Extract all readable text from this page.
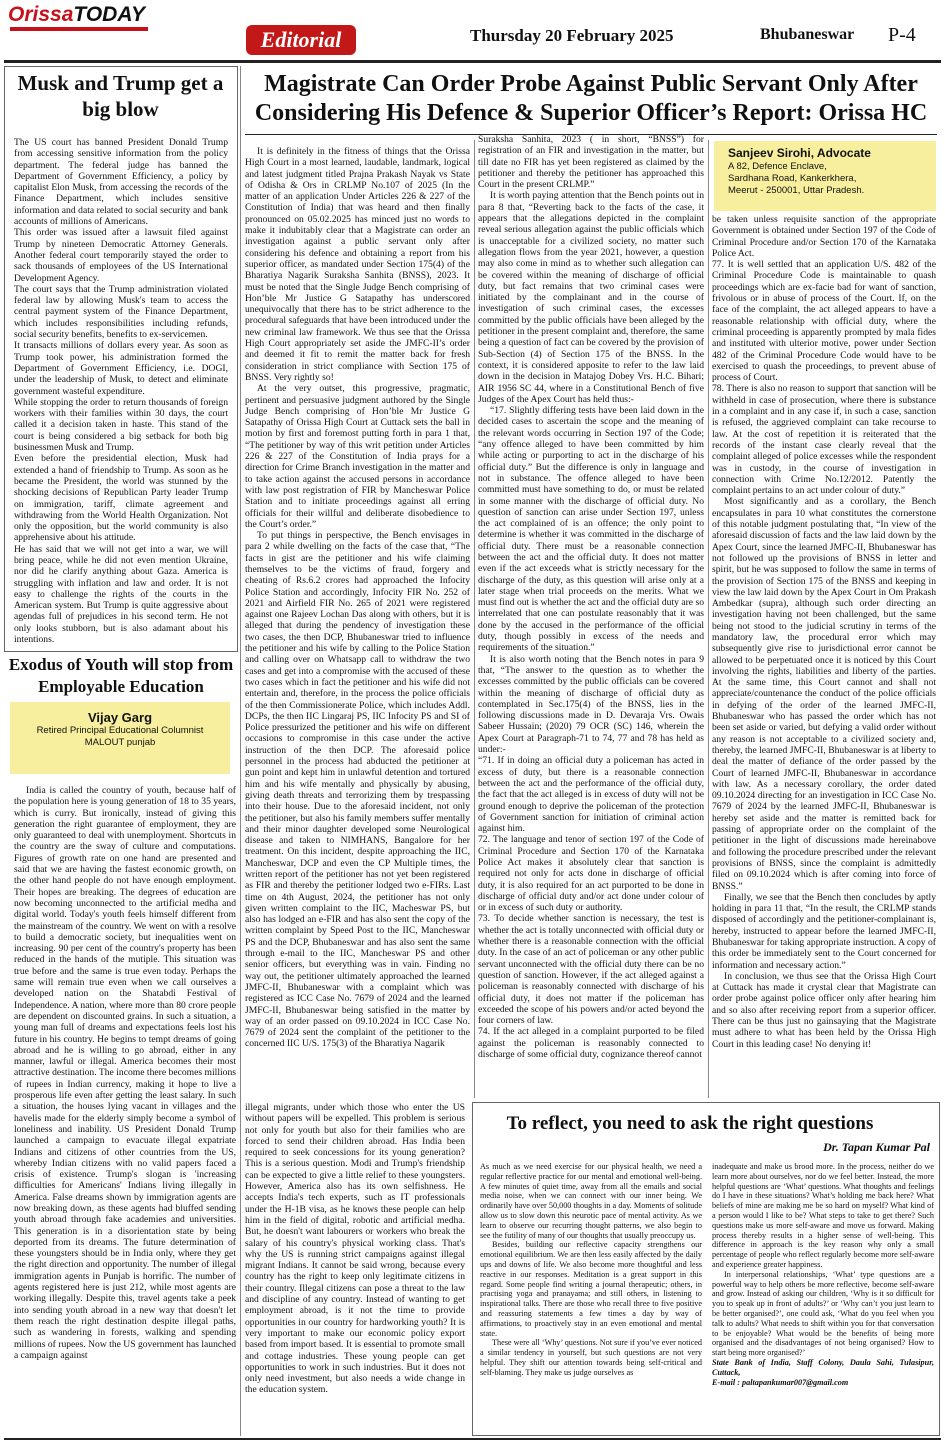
OrissaTODAY
Editorial	Thursday 20 February 2025	Bhubaneswar P-4
Musk and Trump get a big blow

The US court has banned President Donald Trump from accessing sensitive information from the policy department. The federal judge has banned the Department of Government Efficiency, a policy by capitalist Elon Musk, from accessing the records of the Finance Department, which includes sensitive information and data related to social security and bank accounts of millions of Americans.

This order was issued after a lawsuit filed against Trump by nineteen Democratic Attorney Generals. Another federal court temporarily stayed the order to sack thousands of employees of the US International Development Agency.

The court says that the Trump administration violated federal law by allowing Musk's team to access the central payment system of the Finance Department, which includes responsibilities including refunds, social security benefits, benefits to ex-servicemen.

It transacts millions of dollars every year. As soon as Trump took power, his administration formed the Department of Government Efficiency, i.e. DOGI, under the leadership of Musk, to detect and eliminate government wasteful expenditure.

While stopping the order to return thousands of foreign workers with their families within 30 days, the court called it a decision taken in haste. This stand of the court is being considered a big setback for both big businessmen Musk and Trump.

Even before the presidential election, Musk had extended a hand of friendship to Trump. As soon as he became the President, the world was stunned by the shocking decisions of Republican Party leader Trump on immigration, tariff, climate agreement and withdrawing from the World Health Organization. Not only the opposition, but the world community is also apprehensive about his attitude.

He has said that we will not get into a war, we will bring peace, while he did not even mention Ukraine, nor did he clarify anything about Gaza. America is struggling with inflation and law and order. It is not easy to challenge the rights of the courts in the American system. But Trump is quite aggressive about agendas full of prejudices in his second term. He not only looks stubborn, but is also adamant about his intentions.

Exodus of Youth will stop from Employable Education
Vijay Garg
Retired Principal Educational Columnist
MALOUT punjab

India is called the country of youth, because half of the population here is young generation of 18 to 35 years, which is curry. But ironically, instead of giving this generation the right guarantee of employment, they are only guaranteed to deal with unemployment. Shortcuts in the country are the sway of culture and computations. Figures of growth rate on one hand are presented and said that we are having the fastest economic growth, on the other hand people do not have enough employment. Their hopes are breaking. The degrees of education are now becoming unconnected to the artificial medha and digital world. Today's youth feels himself different from the mainstream of the country. We went on with a resolve to build a democratic society, but inequalities went on increasing. 90 per cent of the country's property has been reduced in the hands of the mutiple. This situation was true before and the same is true even today. Perhaps the same will remain true even when we call ourselves a developed nation on the Shatabdi Festival of Independence. A nation, where more than 80 crore people are dependent on discounted grains. In such a situation, a young man full of dreams and expectations feels lost his future in his country. He begins to tempt dreams of going abroad and he is willing to go abroad, either in any manner, lawful or illegal. America becomes their most attractive destination. The income there becomes millions of rupees in Indian currency, making it hope to live a prosperous life even after getting the least salary. In such a situation, the houses lying vacant in villages and the havelis made for the elderly simply become a symbol of loneliness and inability. US President Donald Trump launched a campaign to evacuate illegal expatriate Indians and citizens of other countries from the US, whereby Indian citizens with no valid papers faced a crisis of existence. Trump's slogan is 'increasing difficulties for Americans' Indians living illegally in America. False dreams shown by immigration agents are now breaking down, as these agents had bluffed sending youth abroad through fake academies and universities. This generation is in a disorientation state by being deported from its dreams. The future determination of these youngsters should be in India only, where they get the right direction and opportunity. The number of illegal immigration agents in Punjab is horrific. The number of agents registered here is just 212, while most agents are working illegally. Despite this, travel agents take a peek into sending youth abroad in a new way that doesn't let them reach the right destination despite illegal paths, such as wandering in forests, walking and spending millions of rupees. Now the US government has launched a campaign against

illegal migrants, under which those who enter the US without papers will be expelled. This problem is serious not only for youth but also for their families who are forced to send their children abroad. Has India been required to seek concessions for its young generation? This is a serious question. Modi and Trump's friendship can be expected to give a little relief to these youngsters. However, America also has its own selfishness. He accepts India's tech experts, such as IT professionals under the H-1B visa, as he knows these people can help him in the field of digital, robotic and artificial medha. But, he doesn't want labourers or workers who break the salary of his country's physical working class. That's why the US is running strict campaigns against illegal migrant Indians. It cannot be said wrong, because every country has the right to keep only legitimate citizens in their country. Illegal citizens can pose a threat to the law and discipline of any country. Instead of wanting to get employment abroad, is it not the time to provide opportunities in our country for hardworking youth? It is very important to make our economic policy export based from import based. It is essential to promote small and cottage industries. These young people can get opportunities to work in such industries. But it does not only need investment, but also needs a wide change in the education system.

Magistrate Can Order Probe Against Public Servant Only After
Considering His Defence & Superior Officer’s Report: Orissa HC

It is definitely in the fitness of things that the Orissa High Court in a most learned, laudable, landmark, logical and latest judgment titled Prajna Prakash Nayak vs State of Odisha & Ors in CRLMP No.107 of 2025 (In the matter of an application Under Articles 226 & 227 of the Constitution of India) that was heard and then finally pronounced on 05.02.2025 has minced just no words to make it indubitably clear that a Magistrate can order an investigation against a public servant only after considering his defence and obtaining a report from his superior officer, as mandated under Section 175(4) of the Bharatiya Nagarik Suraksha Sanhita (BNSS), 2023. It must be noted that the Single Judge Bench comprising of Hon’ble Mr Justice G Satapathy has underscored unequivocally that there has to be strict adherence to the procedural safeguards that have been introduced under the new criminal law framework. We thus see that the Orissa High Court appropriately set aside the JMFC-II’s order and deemed it fit to remit the matter back for fresh consideration in strict compliance with Section 175 of BNSS. Very rightly so!

At the very outset, this progressive, pragmatic, pertinent and persuasive judgment authored by the Single Judge Bench comprising of Hon’ble Mr Justice G Satapathy of Orissa High Court at Cuttack sets the ball in motion by first and foremost putting forth in para 1 that, “The petitioner by way of this writ petition under Articles 226 & 227 of the Constitution of India prays for a direction for Crime Branch investigation in the matter and to take action against the accused persons in accordance with law post registration of FIR by Mancheswar Police Station and to initiate proceedings against all erring officials for their willful and deliberate disobedience to the Court’s order.”

To put things in perspective, the Bench envisages in para 2 while dwelling on the facts of the case that, “The facts in gist are the petitioner and his wife claiming themselves to be the victims of fraud, forgery and cheating of Rs.6.2 crores had approached the Infocity Police Station and accordingly, Infocity FIR No. 252 of 2021 and Airfield FIR No. 265 of 2021 were registered against one Rajeev Lochan Das along with others, but it is alleged that during the pendency of investigation these two cases, the then DCP, Bhubaneswar tried to influence the petitioner and his wife by calling to the Police Station and calling over on Whatsapp call to withdraw the two cases and get into a compromise with the accused of these two cases which in fact the petitioner and his wife did not entertain and, therefore, in the process the police officials of the then Commissionerate Police, which includes Addl. DCPs, the then IIC Lingaraj PS, IIC Infocity PS and SI of Police pressurized the petitioner and his wife on different occasions to compromise in this case under the active instruction of the then DCP. The aforesaid police personnel in the process had abducted the petitioner at gun point and kept him in unlawful detention and tortured him and his wife mentally and physically by abusing, giving death threats and terrorizing them by trespassing into their house. Due to the aforesaid incident, not only the petitioner, but also his family members suffer mentally and their minor daughter developed some Neurological disease and taken to NIMHANS, Bangalore for her treatment. On this incident, despite approaching the IIC, Mancheswar, DCP and even the CP Multiple times, the written report of the petitioner has not yet been registered as FIR and thereby the petitioner lodged two e-FIRs. Last time on 4th August, 2024, the petitioner has not only given written complaint to the IIC, Macheswar PS, but also has lodged an e-FIR and has also sent the copy of the written complaint by Speed Post to the IIC, Mancheswar PS and the DCP, Bhubaneswar and has also sent the same through e-mail to the IIC, Mancheswar PS and other senior officers, but everything was in vain. Finding no way out, the petitioner ultimately approached the learned JMFC-II, Bhubaneswar with a complaint which was registered as ICC Case No. 7679 of 2024 and the learned JMFC-II, Bhubaneswar being satisfied in the matter by way of an order passed on 09.10.2024 in ICC Case No. 7679 of 2024 sent the complaint of the petitioner to the concerned IIC U/S. 175(3) of the Bharatiya Nagarik

Suraksha Sanhita, 2023 ( in short, “BNSS”) for registration of an FIR and investigation in the matter, but till date no FIR has yet been registered as claimed by the petitioner and thereby the petitioner has approached this Court in the present CRLMP.”

It is worth paying attention that the Bench points out in para 8 that, “Reverting back to the facts of the case, it appears that the allegations depicted in the complaint reveal serious allegation against the public officials which is unacceptable for a civilized society, no matter such allegation flows from the year 2021, however, a question may also come in mind as to whether such allegation can be covered within the meaning of discharge of official duty, but fact remains that two criminal cases were initiated by the complainant and in the course of investigation of such criminal cases, the excesses committed by the public officials have been alleged by the petitioner in the present complaint and, therefore, the same being a question of fact can be covered by the provision of Sub-Section (4) of Section 175 of the BNSS. In the context, it is considered apposite to refer to the law laid down in the decision in Matajog Dobey Vrs. H.C. Bihari; AIR 1956 SC 44, where in a Constitutional Bench of five Judges of the Apex Court has held thus:-

“17. Slightly differing tests have been laid down in the decided cases to ascertain the scope and the meaning of the relevant words occurring in Section 197 of the Code; “any offence alleged to have been committed by him while acting or purporting to act in the discharge of his official duty.” But the difference is only in language and not in substance. The offence alleged to have been committed must have something to do, or must be related in some manner with the discharge of official duty. No question of sanction can arise under Section 197, unless the act complained of is an offence; the only point to determine is whether it was committed in the discharge of official duty. There must be a reasonable connection between the act and the official duty. It does not matter even if the act exceeds what is strictly necessary for the discharge of the duty, as this question will arise only at a later stage when trial proceeds on the merits. What we must find out is whether the act and the official duty are so interrelated that one can postulate reasonably that it was done by the accused in the performance of the official duty, though possibly in excess of the needs and requirements of the situation.”

It is also worth noting that the Bench notes in para 9 that, “The answer to the question as to whether the excesses committed by the public officials can be covered within the meaning of discharge of official duty as contemplated in Sec.175(4) of the BNSS, lies in the following discussions made in D. Devaraja Vrs. Owais Sabeer Hussain; (2020) 79 OCR (SC) 146, wherein the Apex Court at Paragraph-71 to 74, 77 and 78 has held as under:-

“71. If in doing an official duty a policeman has acted in excess of duty, but there is a reasonable connection between the act and the performance of the official duty, the fact that the act alleged is in excess of duty will not be ground enough to deprive the policeman of the protection of Government sanction for initiation of criminal action against him.

72. The language and tenor of section 197 of the Code of Criminal Procedure and Section 170 of the Karnataka Police Act makes it absolutely clear that sanction is required not only for acts done in discharge of official duty, it is also required for an act purported to be done in discharge of official duty and/or act done under colour of or in excess of such duty or authority.

73. To decide whether sanction is necessary, the test is whether the act is totally unconnected with official duty or whether there is a reasonable connection with the official duty. In the case of an act of policeman or any other public servant unconnected with the official duty there can be no question of sanction. However, if the act alleged against a policeman is reasonably connected with discharge of his official duty, it does not matter if the policeman has exceeded the scope of his powers and/or acted beyond the four corners of law.

74. If the act alleged in a complaint purported to be filed against the policeman is reasonably connected to discharge of some official duty, cognizance thereof cannot

Sanjeev Sirohi, Advocate
A 82, Defence Enclave,
Sardhana Road, Kankerkhera,
Meerut - 250001, Uttar Pradesh.

be taken unless requisite sanction of the appropriate Government is obtained under Section 197 of the Code of Criminal Procedure and/or Section 170 of the Karnataka Police Act.

77. It is well settled that an application U/S. 482 of the Criminal Procedure Code is maintainable to quash proceedings which are ex-facie bad for want of sanction, frivolous or in abuse of process of the Court. If, on the face of the complaint, the act alleged appears to have a reasonable relationship with official duty, where the criminal proceeding is apparently prompted by mala fides and instituted with ulterior motive, power under Section 482 of the Criminal Procedure Code would have to be exercised to quash the proceedings, to prevent abuse of process of Court.

78. There is also no reason to support that sanction will be withheld in case of prosecution, where there is substance in a complaint and in any case if, in such a case, sanction is refused, the aggrieved complaint can take recourse to law. At the cost of repetition it is reiterated that the records of the instant case clearly reveal that the complaint alleged of police excesses while the respondent was in custody, in the course of investigation in connection with Crime No.12/2012. Patently the complaint pertains to an act under colour of duty.”

Most significantly and as a corollary, the Bench encapsulates in para 10 what constitutes the cornerstone of this notable judgment postulating that, “In view of the aforesaid discussion of facts and the law laid down by the Apex Court, since the learned JMFC-II, Bhubaneswar has not followed up the provisions of BNSS in letter and spirit, but he was supposed to follow the same in terms of the provision of Section 175 of the BNSS and keeping in view the law laid down by the Apex Court in Om Prakash Ambedkar (supra), although such order directing an investigation having not been challenged, but the same being not stood to the judicial scrutiny in terms of the mandatory law, the procedural error which may subsequently give rise to jurisdictional error cannot be allowed to be perpetuated once it is noticed by this Court involving the rights, liabilities and liberty of the parties. At the same time, this Court cannot and shall not appreciate/countenance the conduct of the police officials in defying of the order of the learned JMFC-II, Bhubaneswar who has passed the order which has not been set aside or varied, but defying a valid order without any reason is not acceptable to a civilized society and, thereby, the learned JMFC-II, Bhubaneswar is at liberty to deal the matter of defiance of the order passed by the Court of learned JMFC-II, Bhubaneswar in accordance with law. As a necessary corollary, the order dated 09.10.2024 directing for an investigation in ICC Case No. 7679 of 2024 by the learned JMFC-II, Bhubaneswar is hereby set aside and the matter is remitted back for passing of appropriate order on the complaint of the petitioner in the light of discussions made hereinabove and following the procedure prescribed under the relevant provisions of BNSS, since the complaint is admittedly filed on 09.10.2024 which is after coming into force of BNSS.”

Finally, we see that the Bench then concludes by aptly holding in para 11 that, “In the result, the CRLMP stands disposed of accordingly and the petitioner-complainant is, hereby, instructed to appear before the learned JMFC-II, Bhubaneswar for taking appropriate instruction. A copy of this order be immediately sent to the Court concerned for information and necessary action.”

In conclusion, we thus see that the Orissa High Court at Cuttack has made it crystal clear that Magistrate can order probe against police officer only after hearing him and so also after receiving report from a superior officer. There can be thus just no gainsaying that the Magistrate must adhere to what has been held by the Orissa High Court in this leading case! No denying it!

To reflect, you need to ask the right questions
Dr. Tapan Kumar Pal

As much as we need exercise for our physical health, we need a regular reflective practice for our mental and emotional well-being. A few minutes of quiet time, away from all the emails and social media noise, when we can connect with our inner being. We ordinarily have over 50,000 thoughts in a day. Moments of solitude allow us to slow down this neurotic pace of mental activity. As we learn to observe our recurring thought patterns, we also begin to see the futility of many of our thoughts that usually preoccupy us.

Besides, building our reflective capacity strengthens our emotional equilibrium. We are then less easily affected by the daily ups and downs of life. We also become more thoughtful and less reactive in our responses. Meditation is a great support in this regard. Some people find writing a journal therapeutic; others, in practising yoga and pranayama; and still others, in listening to inspirational talks. There are those who recall three to five positive and reassuring statements a few times a day by way of affirmations, to proactively stay in an even emotional and mental state.

These were all ‘Why’ questions. Not sure if you’ve ever noticed a similar tendency in yourself, but such questions are not very helpful. They shift our attention towards being self-critical and self-blaming. They make us judge ourselves as

inadequate and make us brood more. In the process, neither do we learn more about ourselves, nor do we feel better. Instead, the more helpful questions are ‘What’ questions. What thoughts and feelings do I have in these situations? What’s holding me back here? What beliefs of mine are making me be so hard on myself? What kind of a person would I like to be? What steps to take to get there? Such questions make us more self-aware and move us forward. Making process thereby results in a higher sense of well-being. This difference in approach is the key reason why only a small percentage of people who reflect regularly become more self-aware and experience greater happiness.

In interpersonal relationships, ‘What’ type questions are a powerful way to help others be more reflective, become self-aware and grow. Instead of asking our children, ‘Why is it so difficult for you to speak up in front of adults?’ or ‘Why can’t you just learn to be better organised?’, one could ask, ‘What do you feel when you talk to adults? What needs to shift within you for that conversation to be enjoyable? What would be the benefits of being more organised and the disadvantages of not being organised? How to start being more organised?’

State Bank of India, Staff Colony, Daula Sahi, Tulasipur, Cuttack,

E-mail : paltapankumar007@gmail.com
